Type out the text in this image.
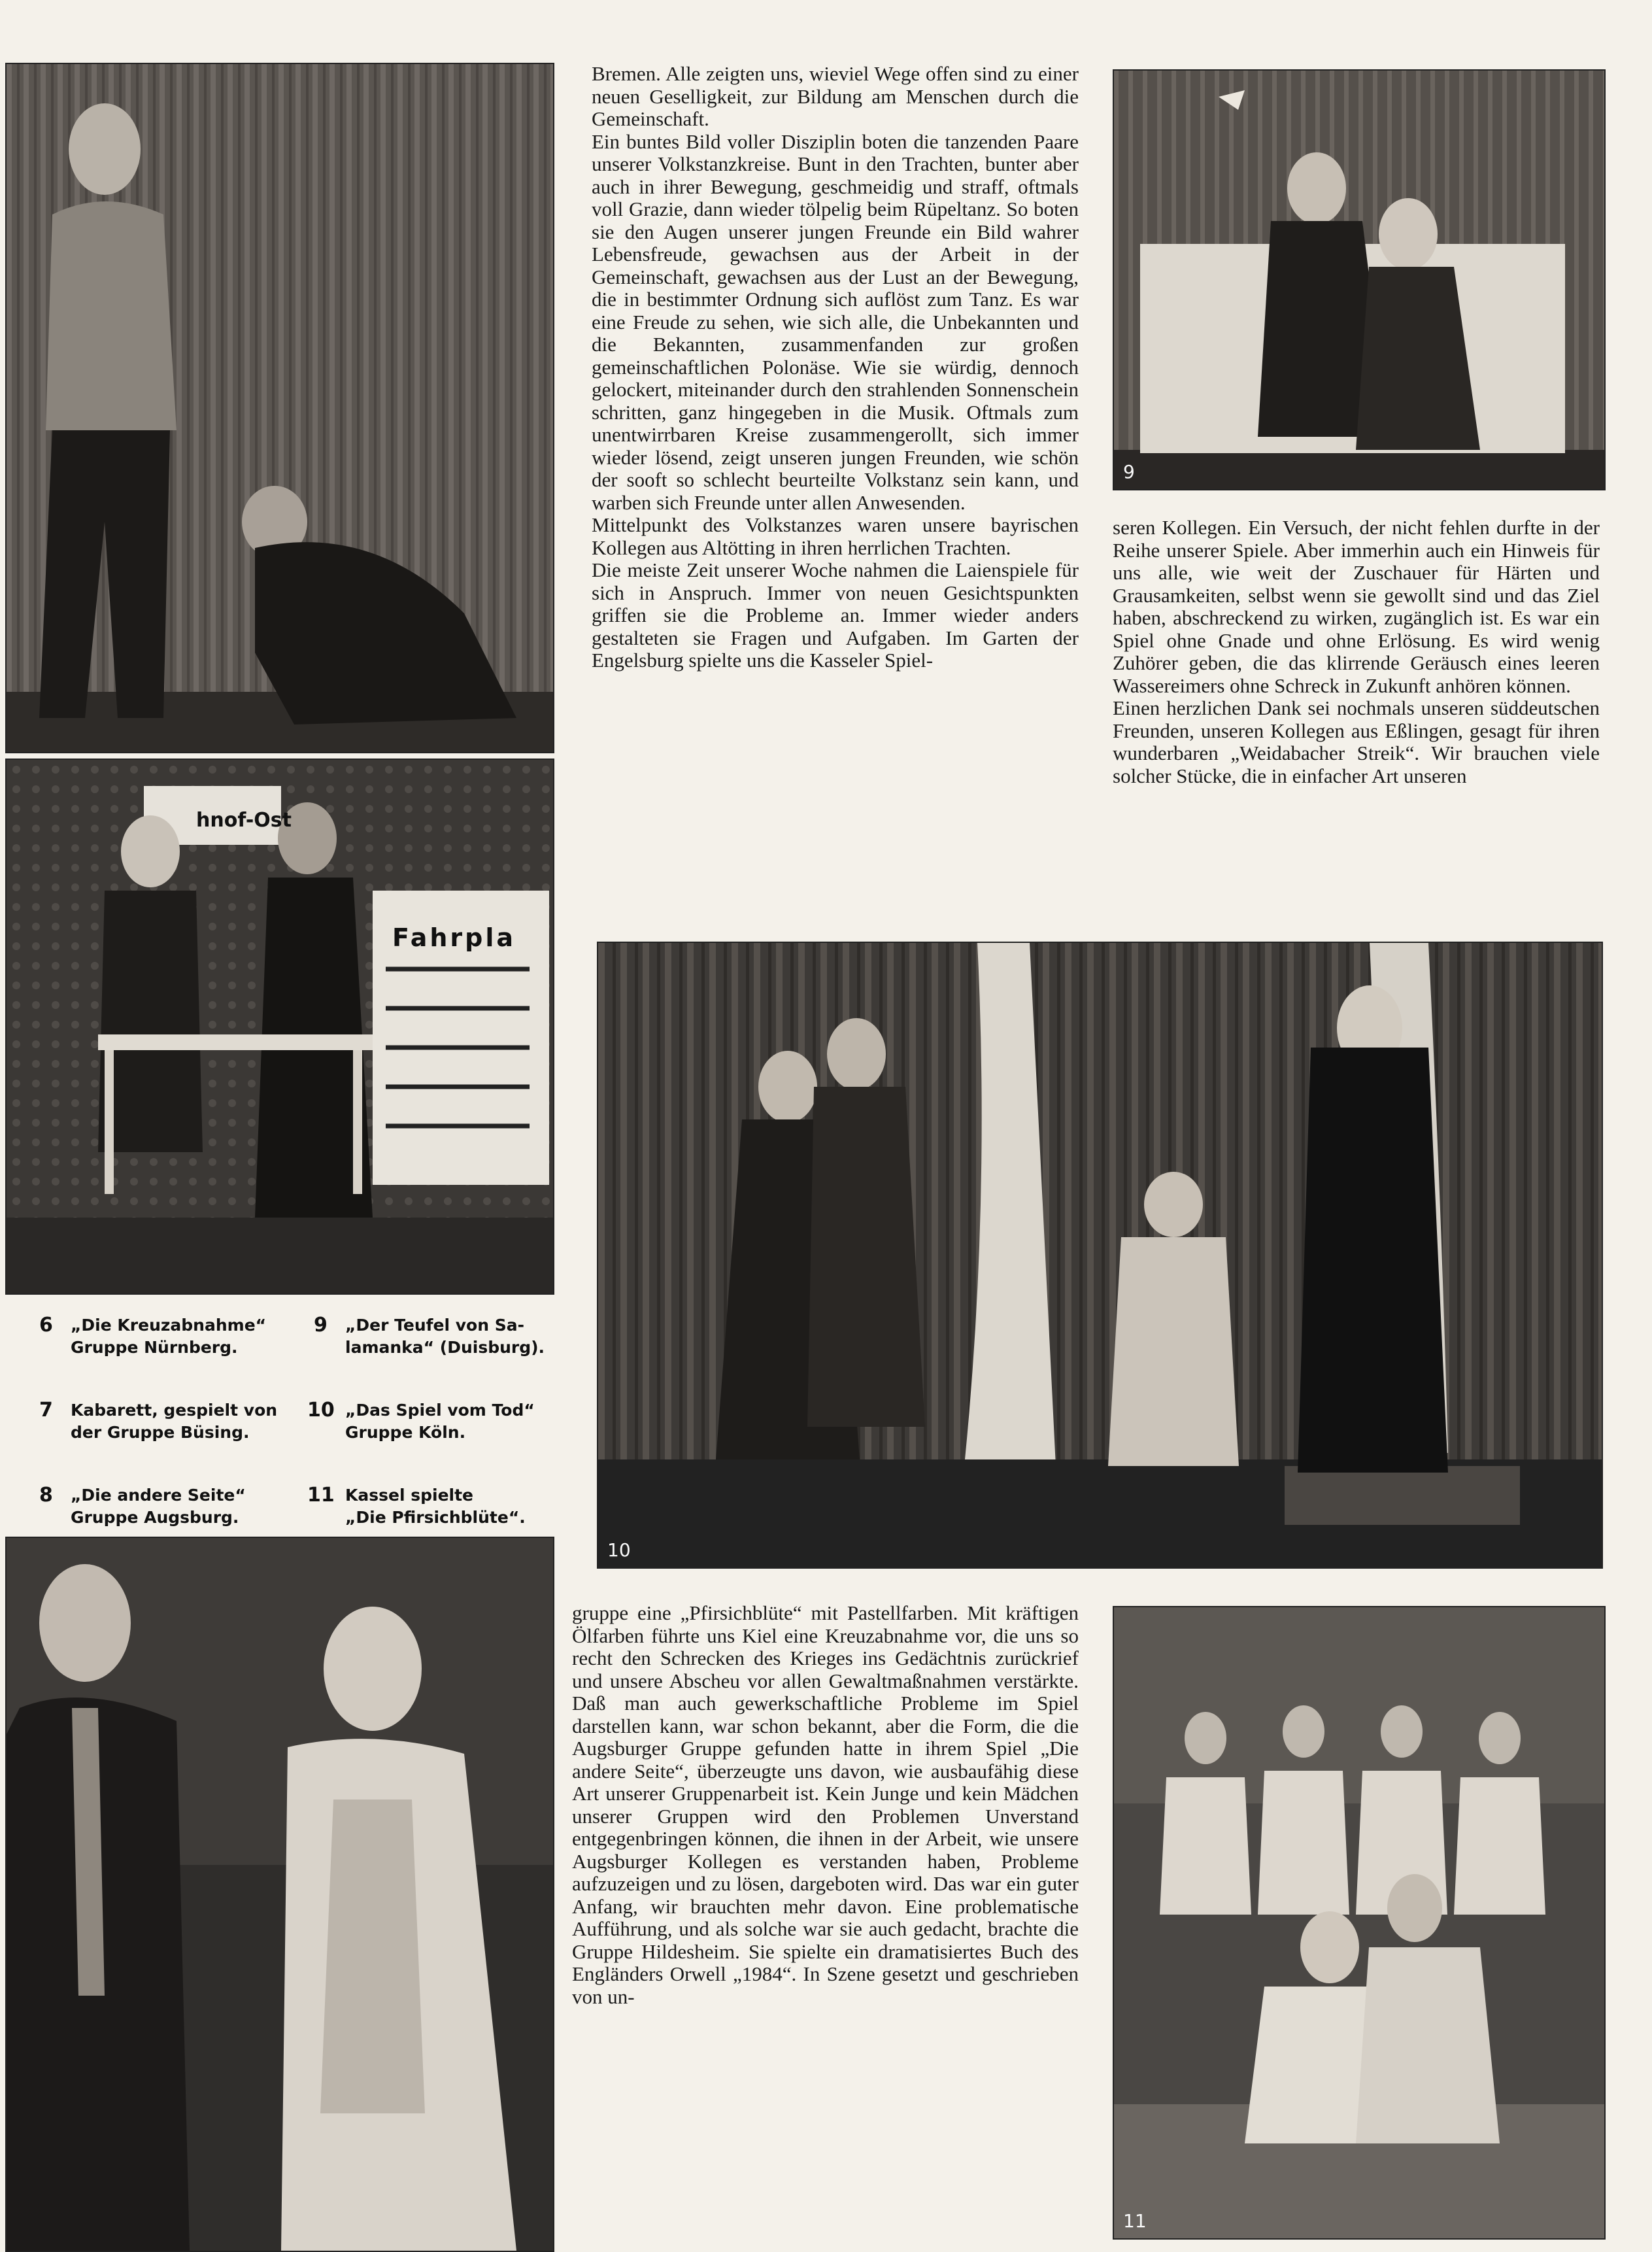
hnof-Ost
Fahrpla
6 „Die Kreuzabnahme“
Gruppe Nürnberg.
9 „Der Teufel von Sa-
lamanka“ (Duisburg).
7 Kabarett, gespielt von
der Gruppe Büsing.
10 „Das Spiel vom Tod“
Gruppe Köln.
8 „Die andere Seite“
Gruppe Augsburg.
11 Kassel spielte
„Die Pfirsichblüte“.

Bremen. Alle zeigten uns, wieviel Wege offen sind zu einer neuen Geselligkeit, zur Bildung am Menschen durch die Gemeinschaft.

Ein buntes Bild voller Disziplin boten die tanzenden Paare unserer Volkstanzkreise. Bunt in den Trachten, bunter aber auch in ihrer Bewegung, geschmeidig und straff, oftmals voll Grazie, dann wieder tölpelig beim Rüpeltanz. So boten sie den Augen unserer jungen Freunde ein Bild wahrer Lebensfreude, gewachsen aus der Arbeit in der Gemeinschaft, gewachsen aus der Lust an der Bewegung, die in bestimmter Ordnung sich auflöst zum Tanz. Es war eine Freude zu sehen, wie sich alle, die Unbekannten und die Bekannten, zusammenfanden zur großen gemeinschaftlichen Polonäse. Wie sie würdig, dennoch gelockert, miteinander durch den strahlenden Sonnenschein schritten, ganz hingegeben in die Musik. Oftmals zum unentwirrbaren Kreise zusammengerollt, sich immer wieder lösend, zeigt unseren jungen Freunden, wie schön der sooft so schlecht beurteilte Volkstanz sein kann, und warben sich Freunde unter allen Anwesenden.

Mittelpunkt des Volkstanzes waren unsere bayrischen Kollegen aus Altötting in ihren herrlichen Trachten.

Die meiste Zeit unserer Woche nahmen die Laienspiele für sich in Anspruch. Immer von neuen Gesichtspunkten griffen sie die Probleme an. Immer wieder anders gestalteten sie Fragen und Aufgaben. Im Garten der Engelsburg spielte uns die Kasseler Spiel-

9

seren Kollegen. Ein Versuch, der nicht fehlen durfte in der Reihe unserer Spiele. Aber immerhin auch ein Hinweis für uns alle, wie weit der Zuschauer für Härten und Grausamkeiten, selbst wenn sie gewollt sind und das Ziel haben, abschreckend zu wirken, zugänglich ist. Es war ein Spiel ohne Gnade und ohne Erlösung. Es wird wenig Zuhörer geben, die das klirrende Geräusch eines leeren Wassereimers ohne Schreck in Zukunft anhören können.

Einen herzlichen Dank sei nochmals unseren süddeutschen Freunden, unseren Kollegen aus Eßlingen, gesagt für ihren wunderbaren „Weidabacher Streik“. Wir brauchen viele solcher Stücke, die in einfacher Art unseren

10

gruppe eine „Pfirsichblüte“ mit Pastellfarben. Mit kräftigen Ölfarben führte uns Kiel eine Kreuzabnahme vor, die uns so recht den Schrecken des Krieges ins Gedächtnis zurückrief und unsere Abscheu vor allen Gewaltmaßnahmen verstärkte. Daß man auch gewerkschaftliche Probleme im Spiel darstellen kann, war schon bekannt, aber die Form, die die Augsburger Gruppe gefunden hatte in ihrem Spiel „Die andere Seite“, überzeugte uns davon, wie ausbaufähig diese Art unserer Gruppenarbeit ist. Kein Junge und kein Mädchen unserer Gruppen wird den Problemen Unverstand entgegenbringen können, die ihnen in der Arbeit, wie unsere Augsburger Kollegen es verstanden haben, Probleme aufzuzeigen und zu lösen, dargeboten wird. Das war ein guter Anfang, wir brauchten mehr davon. Eine problematische Aufführung, und als solche war sie auch gedacht, brachte die Gruppe Hildesheim. Sie spielte ein dramatisiertes Buch des Engländers Orwell „1984“. In Szene gesetzt und geschrieben von un-

11
